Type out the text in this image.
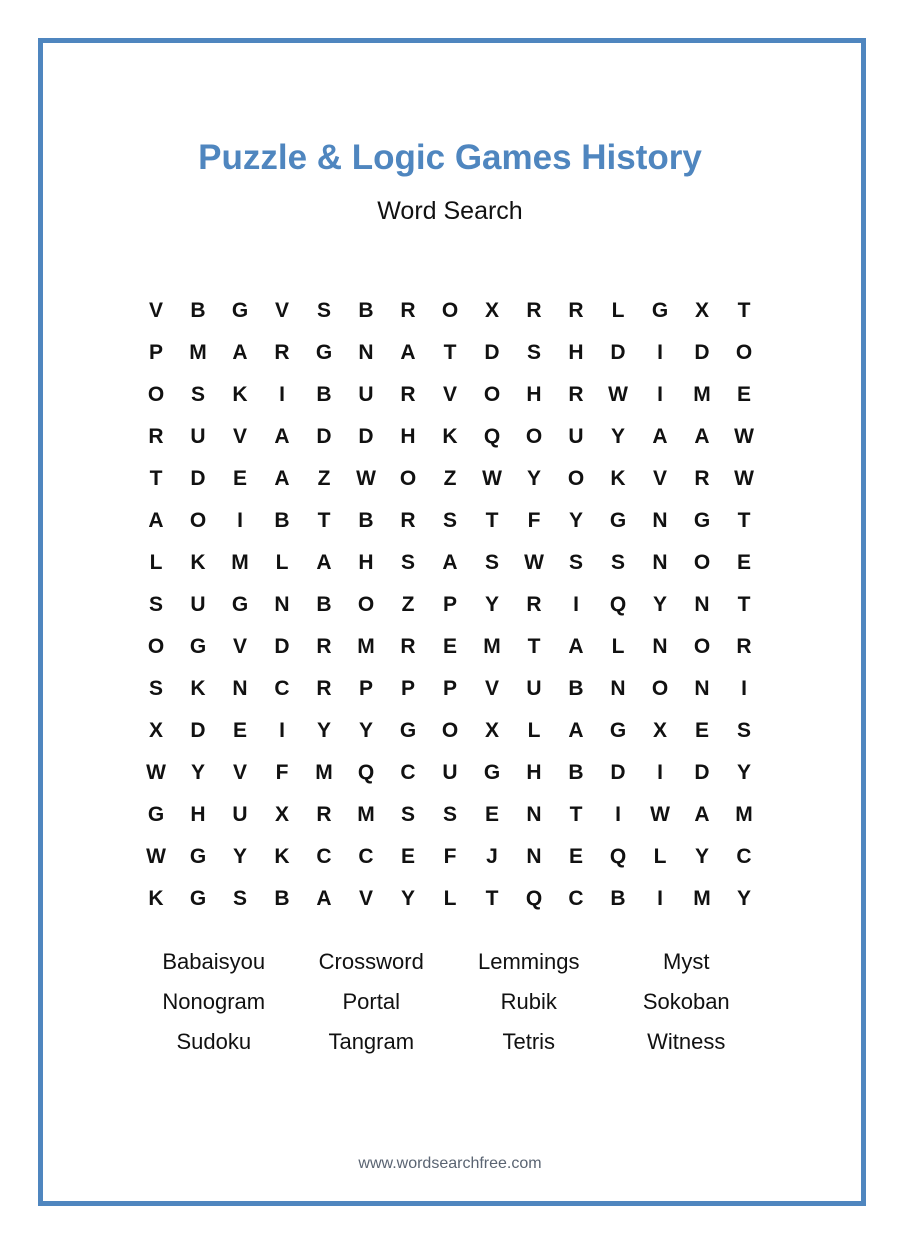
Puzzle & Logic Games History
Word Search
V	B	G	V	S	B	R	O	X	R	R	L	G	X	T
P	M	A	R	G	N	A	T	D	S	H	D	I	D	O
O	S	K	I	B	U	R	V	O	H	R	W	I	M	E
R	U	V	A	D	D	H	K	Q	O	U	Y	A	A	W
T	D	E	A	Z	W	O	Z	W	Y	O	K	V	R	W
A	O	I	B	T	B	R	S	T	F	Y	G	N	G	T
L	K	M	L	A	H	S	A	S	W	S	S	N	O	E
S	U	G	N	B	O	Z	P	Y	R	I	Q	Y	N	T
O	G	V	D	R	M	R	E	M	T	A	L	N	O	R
S	K	N	C	R	P	P	P	V	U	B	N	O	N	I
X	D	E	I	Y	Y	G	O	X	L	A	G	X	E	S
W	Y	V	F	M	Q	C	U	G	H	B	D	I	D	Y
G	H	U	X	R	M	S	S	E	N	T	I	W	A	M
W	G	Y	K	C	C	E	F	J	N	E	Q	L	Y	C
K	G	S	B	A	V	Y	L	T	Q	C	B	I	M	Y
Babaisyou	Crossword	Lemmings	Myst
Nonogram	Portal	Rubik	Sokoban
Sudoku	Tangram	Tetris	Witness
www.wordsearchfree.com
